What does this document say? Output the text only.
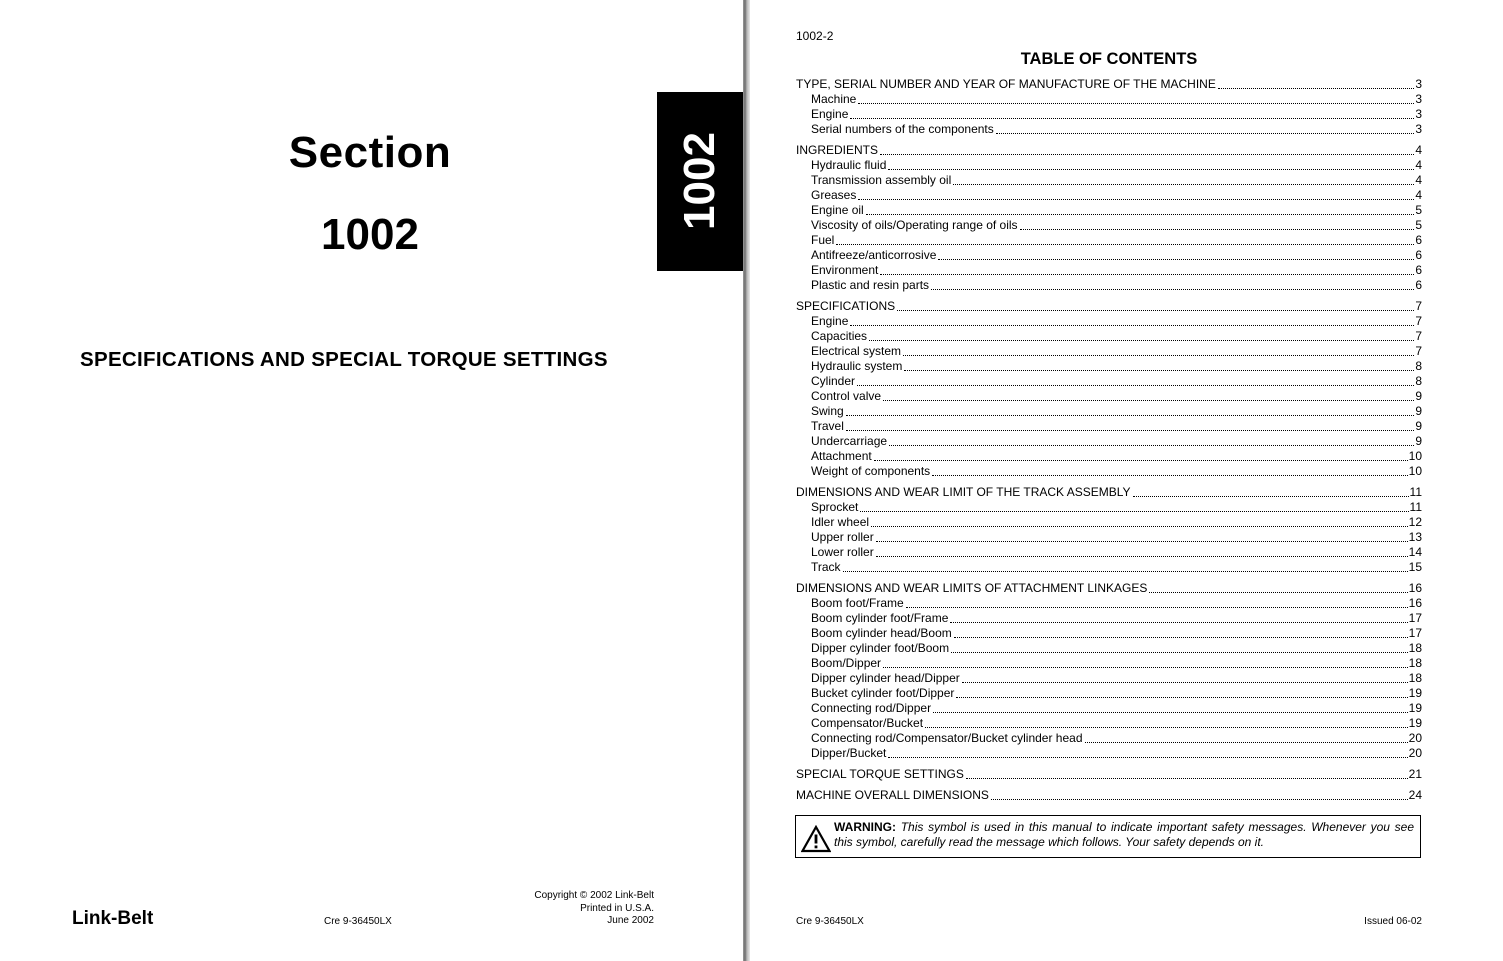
Section
1002
1002
SPECIFICATIONS AND SPECIAL TORQUE SETTINGS
Link-Belt	Cre 9-36450LX
Copyright © 2002 Link-Belt
Printed in U.S.A.
June 2002
1002-2
TABLE OF CONTENTS
TYPE, SERIAL NUMBER AND YEAR OF MANUFACTURE OF THE MACHINE	3
Machine	3
Engine	3
Serial numbers of the components	3
INGREDIENTS	4
Hydraulic fluid	4
Transmission assembly oil	4
Greases	4
Engine oil	5
Viscosity of oils/Operating range of oils	5
Fuel	6
Antifreeze/anticorrosive	6
Environment	6
Plastic and resin parts	6
SPECIFICATIONS	7
Engine	7
Capacities	7
Electrical system	7
Hydraulic system	8
Cylinder	8
Control valve	9
Swing	9
Travel	9
Undercarriage	9
Attachment	10
Weight of components	10
DIMENSIONS AND WEAR LIMIT OF THE TRACK ASSEMBLY	11
Sprocket	11
Idler wheel	12
Upper roller	13
Lower roller	14
Track	15
DIMENSIONS AND WEAR LIMITS OF ATTACHMENT LINKAGES	16
Boom foot/Frame	16
Boom cylinder foot/Frame	17
Boom cylinder head/Boom	17
Dipper cylinder foot/Boom	18
Boom/Dipper	18
Dipper cylinder head/Dipper	18
Bucket cylinder foot/Dipper	19
Connecting rod/Dipper	19
Compensator/Bucket	19
Connecting rod/Compensator/Bucket cylinder head	20
Dipper/Bucket	20
SPECIAL TORQUE SETTINGS	21
MACHINE OVERALL DIMENSIONS	24
WARNING: This symbol is used in this manual to indicate important safety messages. Whenever you see this symbol, carefully read the message which follows. Your safety depends on it.
Cre 9-36450LX	Issued 06-02
